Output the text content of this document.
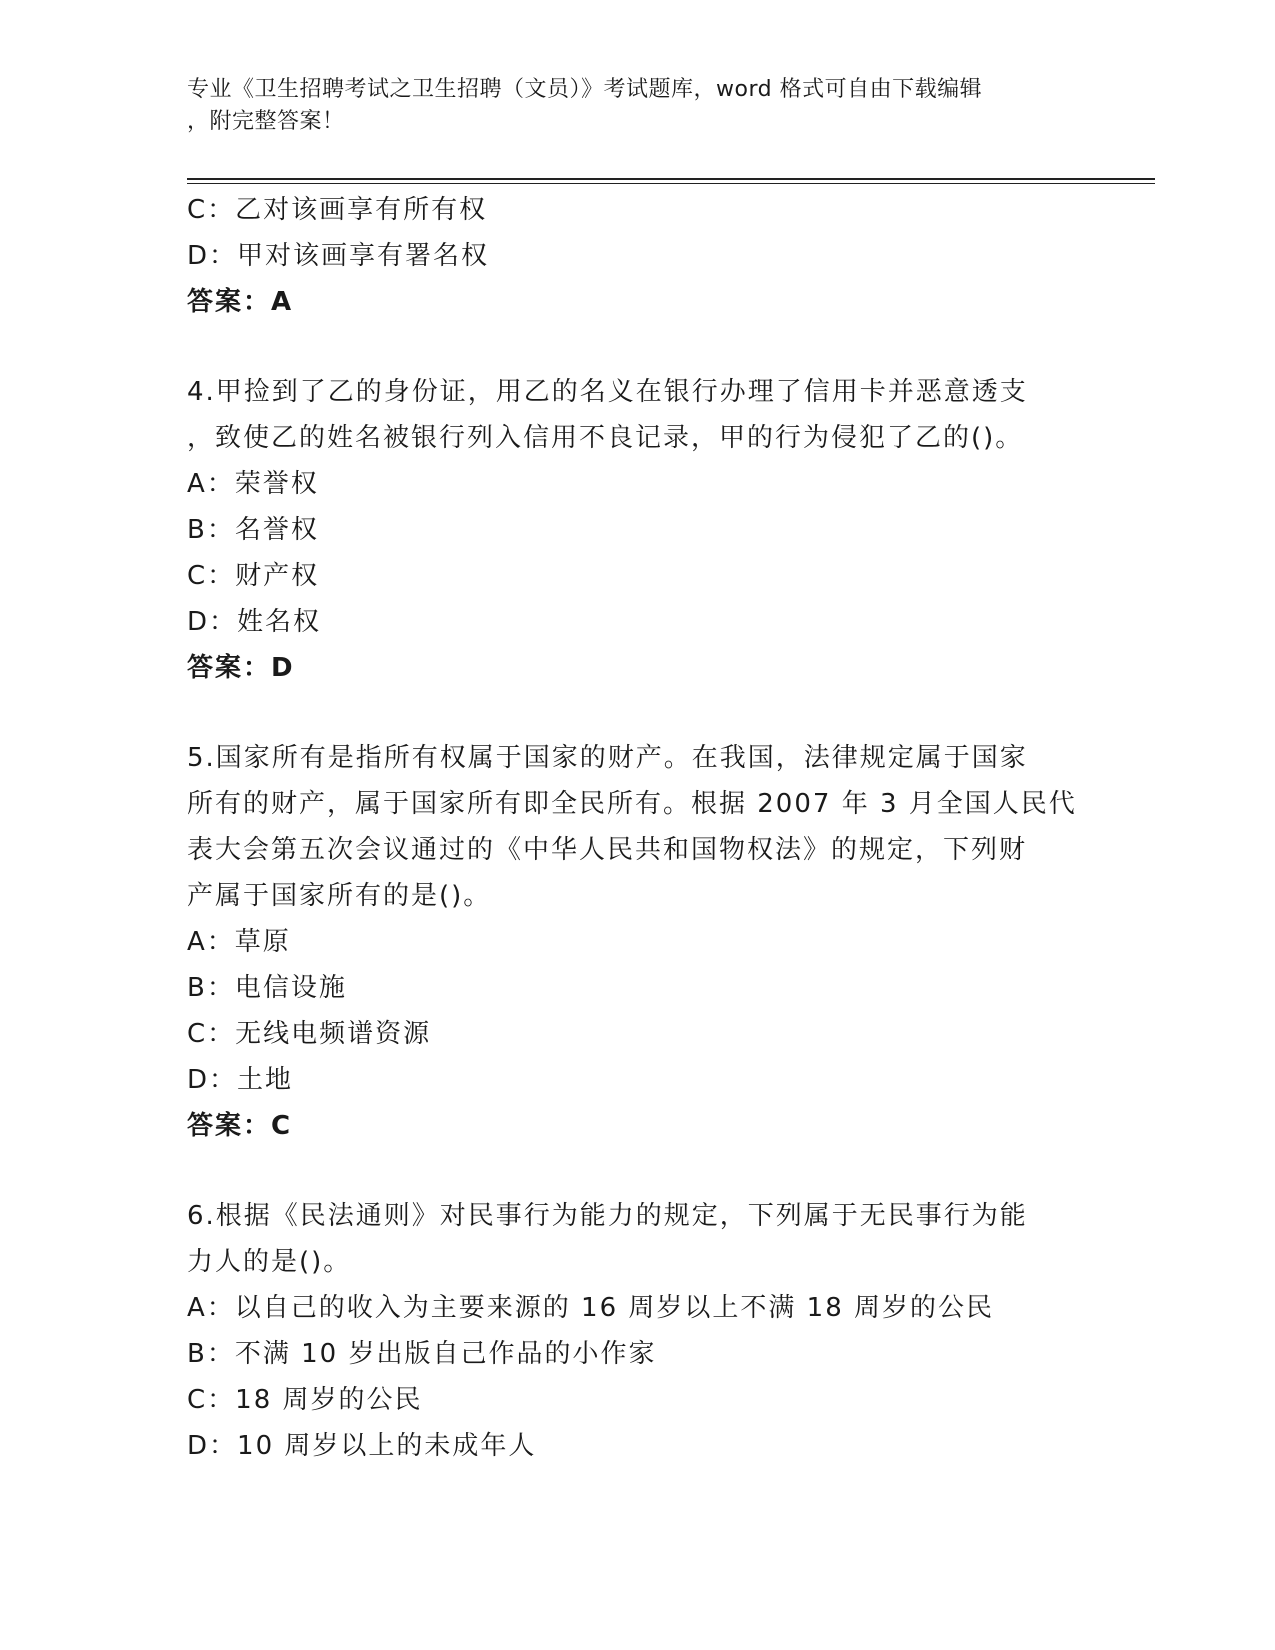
专业《卫生招聘考试之卫生招聘（文员）》考试题库，word 格式可自由下载编辑
，附完整答案！
C：乙对该画享有所有权
D：甲对该画享有署名权
答案：A
4.甲捡到了乙的身份证，用乙的名义在银行办理了信用卡并恶意透支
，致使乙的姓名被银行列入信用不良记录，甲的行为侵犯了乙的()。
A：荣誉权
B：名誉权
C：财产权
D：姓名权
答案：D
5.国家所有是指所有权属于国家的财产。在我国，法律规定属于国家
所有的财产，属于国家所有即全民所有。根据 2007 年 3 月全国人民代
表大会第五次会议通过的《中华人民共和国物权法》的规定，下列财
产属于国家所有的是()。
A：草原
B：电信设施
C：无线电频谱资源
D：土地
答案：C
6.根据《民法通则》对民事行为能力的规定，下列属于无民事行为能
力人的是()。
A：以自己的收入为主要来源的 16 周岁以上不满 18 周岁的公民
B：不满 10 岁出版自己作品的小作家
C：18 周岁的公民
D：10 周岁以上的未成年人
